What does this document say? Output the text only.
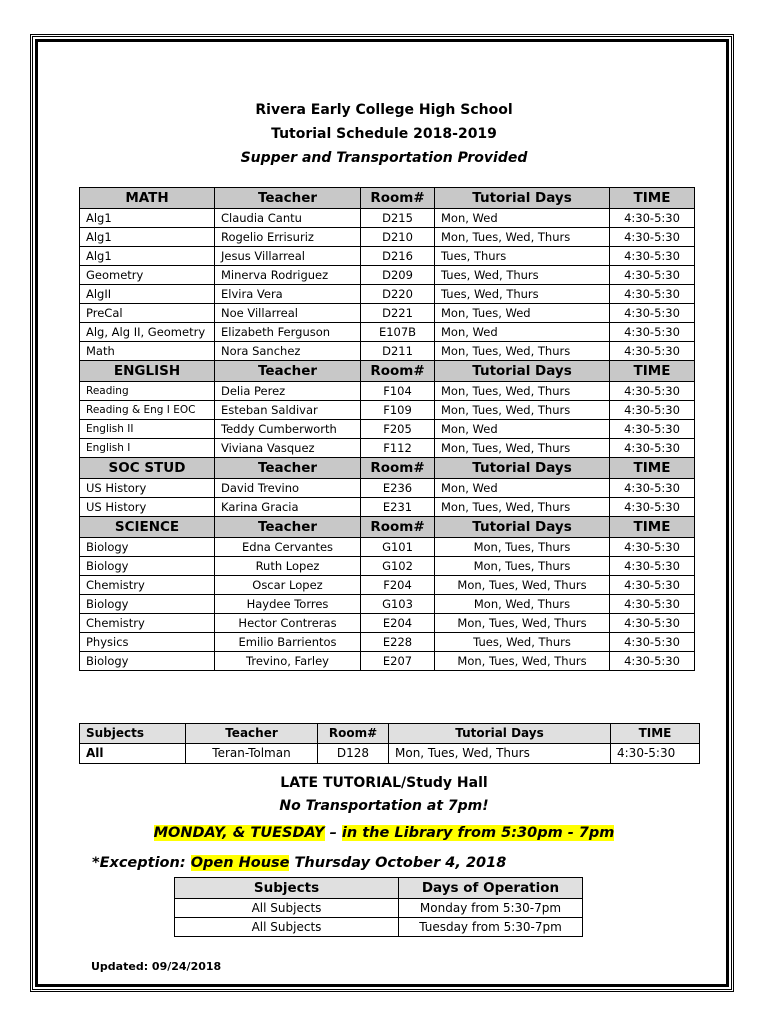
Rivera Early College High School
Tutorial Schedule 2018-2019
Supper and Transportation Provided
MATH	Teacher	Room#	Tutorial Days	TIME
Alg1	Claudia Cantu	D215	Mon, Wed	4:30-5:30
Alg1	Rogelio Errisuriz	D210	Mon, Tues, Wed, Thurs	4:30-5:30
Alg1	Jesus Villarreal	D216	Tues, Thurs	4:30-5:30
Geometry	Minerva Rodriguez	D209	Tues, Wed, Thurs	4:30-5:30
AlgII	Elvira Vera	D220	Tues, Wed, Thurs	4:30-5:30
PreCal	Noe Villarreal	D221	Mon, Tues, Wed	4:30-5:30
Alg, Alg II, Geometry	Elizabeth Ferguson	E107B	Mon, Wed	4:30-5:30
Math	Nora Sanchez	D211	Mon, Tues, Wed, Thurs	4:30-5:30
ENGLISH	Teacher	Room#	Tutorial Days	TIME
Reading	Delia Perez	F104	Mon, Tues, Wed, Thurs	4:30-5:30
Reading & Eng I EOC	Esteban Saldivar	F109	Mon, Tues, Wed, Thurs	4:30-5:30
English II	Teddy Cumberworth	F205	Mon, Wed	4:30-5:30
English I	Viviana Vasquez	F112	Mon, Tues, Wed, Thurs	4:30-5:30
SOC STUD	Teacher	Room#	Tutorial Days	TIME
US History	David Trevino	E236	Mon, Wed	4:30-5:30
US History	Karina Gracia	E231	Mon, Tues, Wed, Thurs	4:30-5:30
SCIENCE	Teacher	Room#	Tutorial Days	TIME
Biology	Edna Cervantes	G101	Mon, Tues, Thurs	4:30-5:30
Biology	Ruth Lopez	G102	Mon, Tues, Thurs	4:30-5:30
Chemistry	Oscar Lopez	F204	Mon, Tues, Wed, Thurs	4:30-5:30
Biology	Haydee Torres	G103	Mon, Wed, Thurs	4:30-5:30
Chemistry	Hector Contreras	E204	Mon, Tues, Wed, Thurs	4:30-5:30
Physics	Emilio Barrientos	E228	Tues, Wed, Thurs	4:30-5:30
Biology	Trevino, Farley	E207	Mon, Tues, Wed, Thurs	4:30-5:30
Subjects	Teacher	Room#	Tutorial Days	TIME
All	Teran-Tolman	D128	Mon, Tues, Wed, Thurs	4:30-5:30
LATE TUTORIAL/Study Hall
No Transportation at 7pm!
MONDAY, & TUESDAY – in the Library from 5:30pm - 7pm
*Exception: Open House Thursday October 4, 2018
Subjects	Days of Operation
All Subjects	Monday from 5:30-7pm
All Subjects	Tuesday from 5:30-7pm
Updated: 09/24/2018
